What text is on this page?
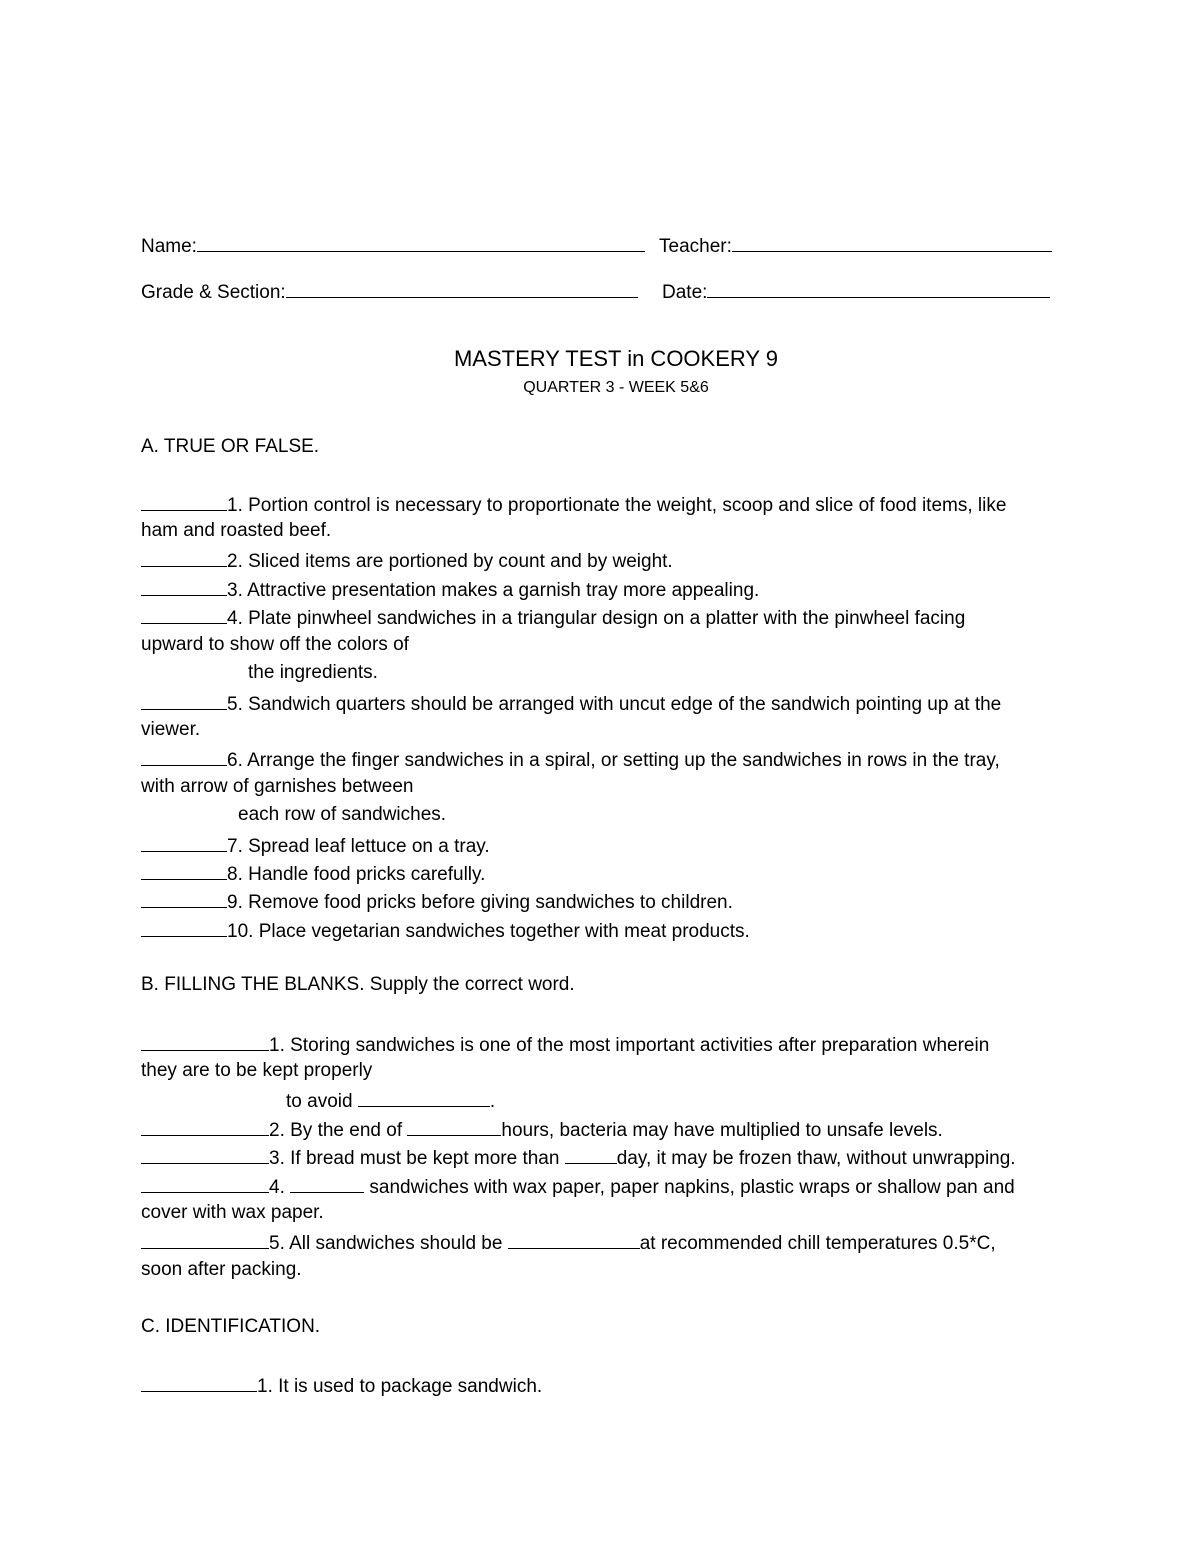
Name:	Teacher:
Grade & Section:	Date:
MASTERY TEST in COOKERY 9
QUARTER 3 - WEEK 5&6
A. TRUE OR FALSE.
1. Portion control is necessary to proportionate the weight, scoop and slice of food items, like
ham and roasted beef.
2. Sliced items are portioned by count and by weight.
3. Attractive presentation makes a garnish tray more appealing.
4. Plate pinwheel sandwiches in a triangular design on a platter with the pinwheel facing
upward to show off the colors of
the ingredients.
5. Sandwich quarters should be arranged with uncut edge of the sandwich pointing up at the
viewer.
6. Arrange the finger sandwiches in a spiral, or setting up the sandwiches in rows in the tray,
with arrow of garnishes between
each row of sandwiches.
7. Spread leaf lettuce on a tray.
8. Handle food pricks carefully.
9. Remove food pricks before giving sandwiches to children.
10. Place vegetarian sandwiches together with meat products.
B. FILLING THE BLANKS. Supply the correct word.
1. Storing sandwiches is one of the most important activities after preparation wherein
they are to be kept properly
to avoid	.
2. By the end of	hours, bacteria may have multiplied to unsafe levels.
3. If bread must be kept more than	day, it may be frozen thaw, without unwrapping.
4.	sandwiches with wax paper, paper napkins, plastic wraps or shallow pan and
cover with wax paper.
5. All sandwiches should be	at recommended chill temperatures 0.5*C,
soon after packing.
C. IDENTIFICATION.
1. It is used to package sandwich.
